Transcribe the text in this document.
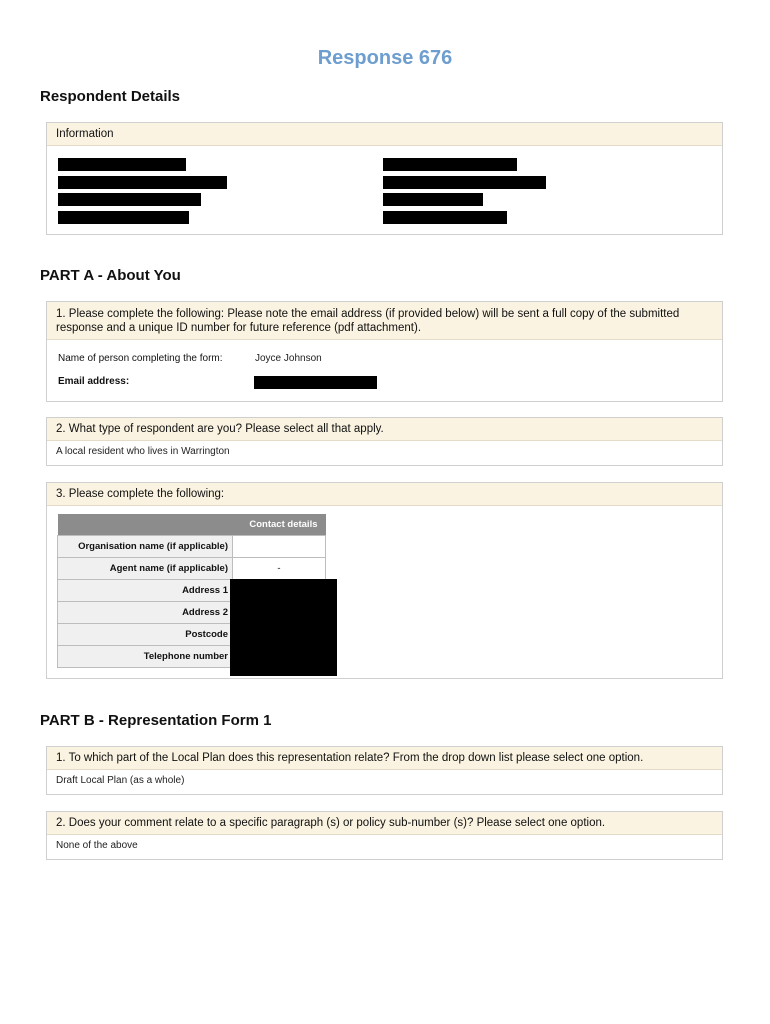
Response 676
Respondent Details
Information
PART A - About You
1. Please complete the following: Please note the email address (if provided below) will be sent a full copy of the submitted response and a unique ID number for future reference (pdf attachment).
Name of person completing the form:	Joyce Johnson
Email address:
2. What type of respondent are you? Please select all that apply.
A local resident who lives in Warrington
3. Please complete the following:
	Contact details
Organisation name (if applicable)	
Agent name (if applicable)	-
Address 1	
Address 2	
Postcode	
Telephone number	
PART B - Representation Form 1
1. To which part of the Local Plan does this representation relate? From the drop down list please select one option.
Draft Local Plan (as a whole)
2. Does your comment relate to a specific paragraph (s) or policy sub-number (s)? Please select one option.
None of the above
